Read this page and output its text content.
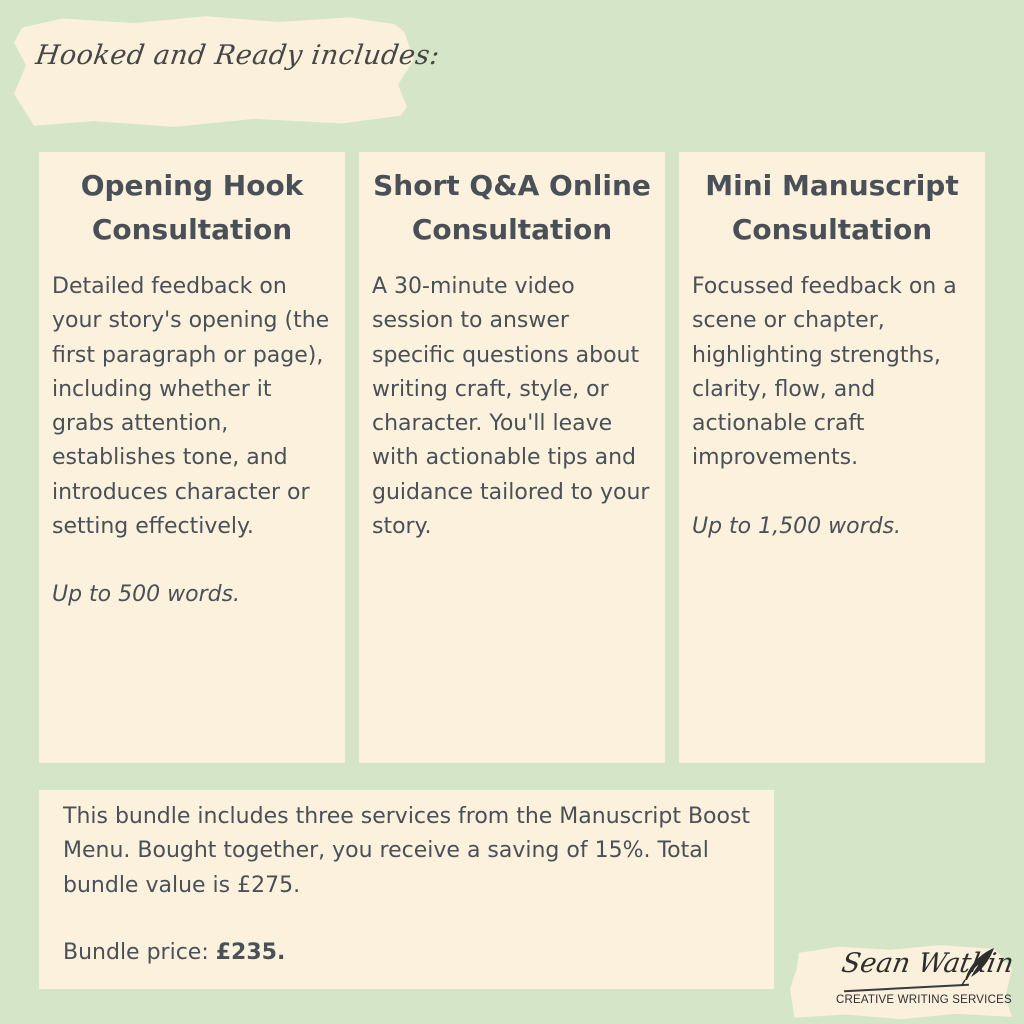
Hooked and Ready includes:
Opening Hook Consultation
Detailed feedback on your story's opening (the first paragraph or page), including whether it grabs attention, establishes tone, and introduces character or setting effectively.
Up to 500 words.
Short Q&A Online Consultation
A 30-minute video session to answer specific questions about writing craft, style, or character. You'll leave with actionable tips and guidance tailored to your story.
Mini Manuscript Consultation
Focussed feedback on a scene or chapter, highlighting strengths, clarity, flow, and actionable craft improvements.
Up to 1,500 words.
This bundle includes three services from the Manuscript Boost Menu. Bought together, you receive a saving of 15%. Total bundle value is £275.
Bundle price: £235.	Sean Watkin
CREATIVE WRITING SERVICES
